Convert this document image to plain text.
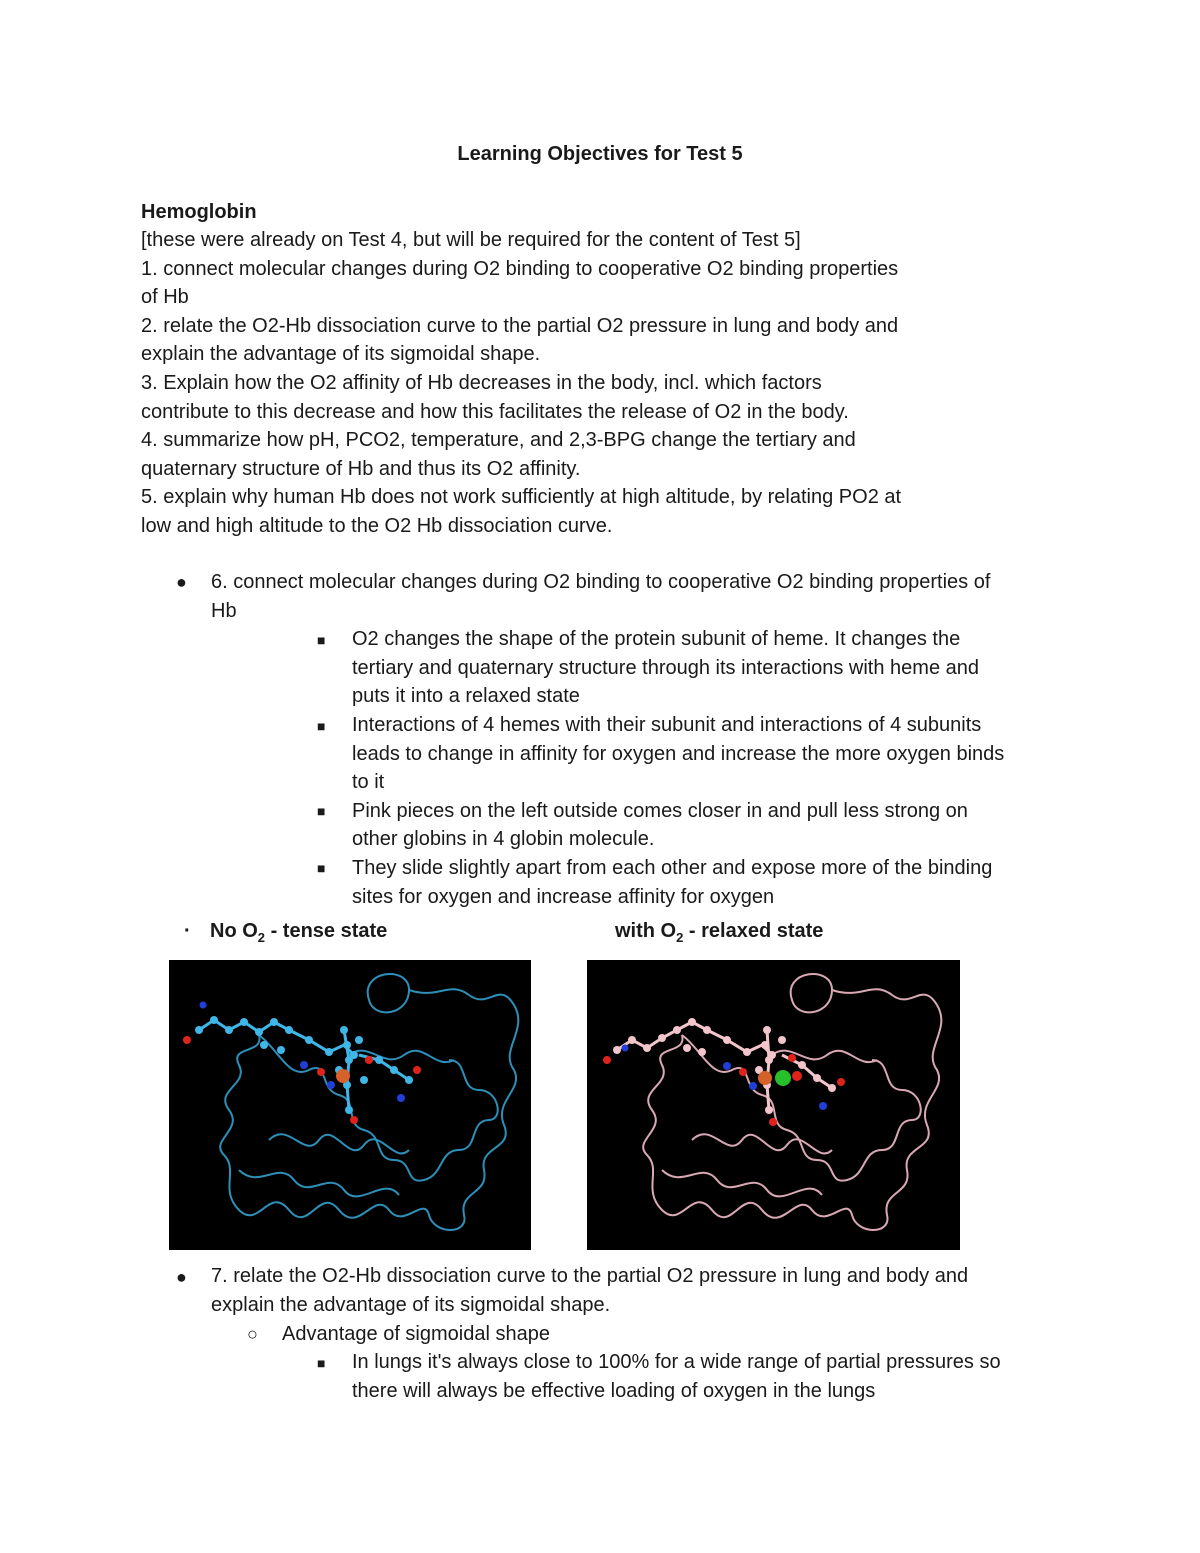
Learning Objectives for Test 5
Hemoglobin
[these were already on Test 4, but will be required for the content of Test 5]
1. connect molecular changes during O2 binding to cooperative O2 binding properties
of Hb
2. relate the O2-Hb dissociation curve to the partial O2 pressure in lung and body and
explain the advantage of its sigmoidal shape.
3. Explain how the O2 affinity of Hb decreases in the body, incl. which factors
contribute to this decrease and how this facilitates the release of O2 in the body.
4. summarize how pH, PCO2, temperature, and 2,3-BPG change the tertiary and
quaternary structure of Hb and thus its O2 affinity.
5. explain why human Hb does not work sufficiently at high altitude, by relating PO2 at
low and high altitude to the O2 Hb dissociation curve.
● 6. connect molecular changes during O2 binding to cooperative O2 binding properties of
Hb
■ O2 changes the shape of the protein subunit of heme. It changes the
tertiary and quaternary structure through its interactions with heme and
puts it into a relaxed state
■ Interactions of 4 hemes with their subunit and interactions of 4 subunits
leads to change in affinity for oxygen and increase the more oxygen binds
to it
■ Pink pieces on the left outside comes closer in and pull less strong on
other globins in 4 globin molecule.
■ They slide slightly apart from each other and expose more of the binding
sites for oxygen and increase affinity for oxygen
· No $O_2$ - tense state	with $O_2$ - relaxed state
● 7. relate the O2-Hb dissociation curve to the partial O2 pressure in lung and body and
explain the advantage of its sigmoidal shape.
○ Advantage of sigmoidal shape
■ In lungs it's always close to 100% for a wide range of partial pressures so
there will always be effective loading of oxygen in the lungs
